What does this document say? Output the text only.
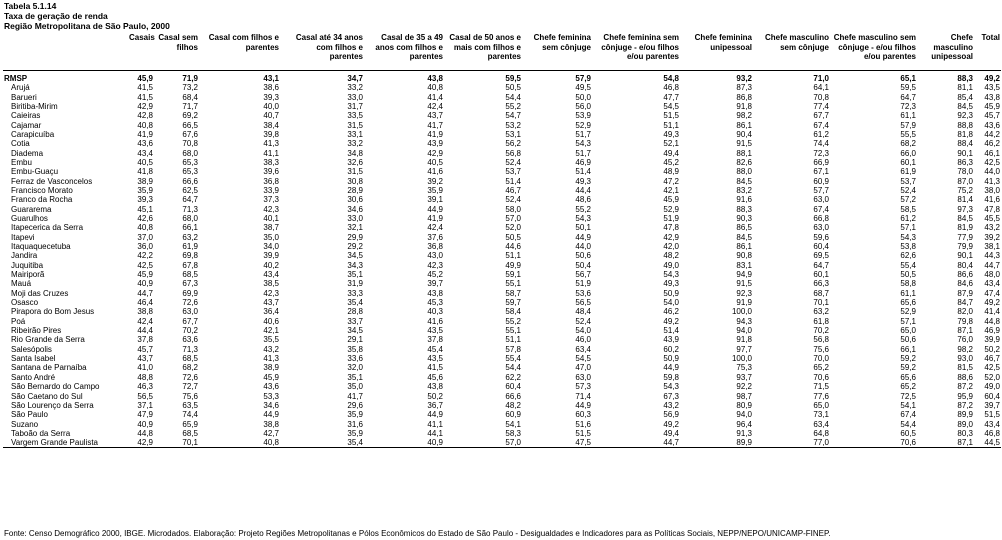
Tabela 5.1.14
Taxa de geração de renda
Região Metropolitana de São Paulo, 2000
	Casais	Casal sem filhos	Casal com filhos e parentes	Casal até 34 anos com filhos e parentes	Casal de 35 a 49 anos com filhos e parentes	Casal de 50 anos e mais com filhos e parentes	Chefe feminina sem cônjuge	Chefe feminina sem cônjuge - e/ou filhos e/ou parentes	Chefe feminina unipessoal	Chefe masculino sem cônjuge	Chefe masculino sem cônjuge - e/ou filhos e/ou parentes	Chefe masculino unipessoal	Total
RMSP	45,9	71,9	43,1	34,7	43,8	59,5	57,9	54,8	93,2	71,0	65,1	88,3	49,2
Arujá	41,5	73,2	38,6	33,2	40,8	50,5	49,5	46,8	87,3	64,1	59,5	81,1	43,5
Barueri	41,5	68,4	39,3	33,0	41,4	54,4	50,0	47,7	86,8	70,8	64,7	85,4	43,8
Biritiba-Mirim	42,9	71,7	40,0	31,7	42,4	55,2	56,0	54,5	91,8	77,4	72,3	84,5	45,9
Caieiras	42,8	69,2	40,7	33,5	43,7	54,7	53,9	51,5	98,2	67,7	61,1	92,3	45,7
Cajamar	40,8	66,5	38,4	31,5	41,7	53,2	52,9	51,1	86,1	67,4	57,9	88,8	43,6
Carapicuíba	41,9	67,6	39,8	33,1	41,9	53,1	51,7	49,3	90,4	61,2	55,5	81,8	44,2
Cotia	43,6	70,8	41,3	33,2	43,9	56,2	54,3	52,1	91,5	74,4	68,2	88,4	46,2
Diadema	43,4	68,0	41,1	34,8	42,9	56,8	51,7	49,4	88,1	72,3	66,0	90,1	46,1
Embu	40,5	65,3	38,3	32,6	40,5	52,4	46,9	45,2	82,6	66,9	60,1	86,3	42,5
Embu-Guaçu	41,8	65,3	39,6	31,5	41,6	53,7	51,4	48,9	88,0	67,1	61,9	78,0	44,0
Ferraz de Vasconcelos	38,9	66,6	36,8	30,8	39,2	51,4	49,3	47,2	84,5	60,9	53,7	87,0	41,3
Francisco Morato	35,9	62,5	33,9	28,9	35,9	46,7	44,4	42,1	83,2	57,7	52,4	75,2	38,0
Franco da Rocha	39,3	64,7	37,3	30,6	39,1	52,4	48,6	45,9	91,6	63,0	57,2	81,4	41,6
Guararema	45,1	71,3	42,3	34,6	44,9	58,0	55,2	52,9	88,3	67,4	58,5	97,3	47,8
Guarulhos	42,6	68,0	40,1	33,0	41,9	57,0	54,3	51,9	90,3	66,8	61,2	84,5	45,5
Itapecerica da Serra	40,8	66,1	38,7	32,1	42,4	52,0	50,1	47,8	86,5	63,0	57,1	81,9	43,2
Itapevi	37,0	63,2	35,0	29,9	37,6	50,5	44,9	42,9	84,5	59,6	54,3	77,9	39,2
Itaquaquecetuba	36,0	61,9	34,0	29,2	36,8	44,6	44,0	42,0	86,1	60,4	53,8	79,9	38,1
Jandira	42,2	69,8	39,9	34,5	43,0	51,1	50,6	48,2	90,8	69,5	62,6	90,1	44,3
Juquitiba	42,5	67,8	40,2	34,3	42,3	49,9	50,4	49,0	83,1	64,7	55,4	80,4	44,7
Mairiporã	45,9	68,5	43,4	35,1	45,2	59,1	56,7	54,3	94,9	60,1	50,5	86,6	48,0
Mauá	40,9	67,3	38,5	31,9	39,7	55,1	51,9	49,3	91,5	66,3	58,8	84,6	43,4
Moji das Cruzes	44,7	69,9	42,3	33,3	43,8	58,7	53,6	50,9	92,3	68,7	61,1	87,9	47,4
Osasco	46,4	72,6	43,7	35,4	45,3	59,7	56,5	54,0	91,9	70,1	65,6	84,7	49,2
Pirapora do Bom Jesus	38,8	63,0	36,4	28,8	40,3	58,4	48,4	46,2	100,0	63,2	52,9	82,0	41,4
Poá	42,4	67,7	40,6	33,7	41,6	55,2	52,4	49,2	94,3	61,8	57,1	79,8	44,8
Ribeirão Pires	44,4	70,2	42,1	34,5	43,5	55,1	54,0	51,4	94,0	70,2	65,0	87,1	46,9
Rio Grande da Serra	37,8	63,6	35,5	29,1	37,8	51,1	46,0	43,9	91,8	56,8	50,6	76,0	39,9
Salesópolis	45,7	71,3	43,2	35,8	45,4	57,8	63,4	60,2	97,7	75,6	66,1	98,2	50,2
Santa Isabel	43,7	68,5	41,3	33,6	43,5	55,4	54,5	50,9	100,0	70,0	59,2	93,0	46,7
Santana de Parnaíba	41,0	68,2	38,9	32,0	41,5	54,4	47,0	44,9	75,3	65,2	59,2	81,5	42,5
Santo André	48,8	72,6	45,9	35,1	45,6	62,2	63,0	59,8	93,7	70,6	65,6	88,6	52,0
São Bernardo do Campo	46,3	72,7	43,6	35,0	43,8	60,4	57,3	54,3	92,2	71,5	65,2	87,2	49,0
São Caetano do Sul	56,5	75,6	53,3	41,7	50,2	66,6	71,4	67,3	98,7	77,6	72,5	95,9	60,4
São Lourenço da Serra	37,1	63,5	34,6	29,6	36,7	48,2	44,9	43,2	80,9	65,0	54,1	87,2	39,7
São Paulo	47,9	74,4	44,9	35,9	44,9	60,9	60,3	56,9	94,0	73,1	67,4	89,9	51,5
Suzano	40,9	65,9	38,8	31,6	41,1	54,1	51,6	49,2	96,4	63,4	54,4	89,0	43,4
Taboão da Serra	44,8	68,5	42,7	35,9	44,1	58,3	51,5	49,4	91,3	64,8	60,5	80,3	46,8
Vargem Grande Paulista	42,9	70,1	40,8	35,4	40,9	57,0	47,5	44,7	89,9	77,0	70,6	87,1	44,5
Fonte: Censo Demográfico 2000, IBGE. Microdados. Elaboração: Projeto Regiões Metropolitanas e Pólos Econômicos do Estado de São Paulo - Desigualdades e Indicadores para as Políticas Sociais, NEPP/NEPO/UNICAMP-FINEP.
